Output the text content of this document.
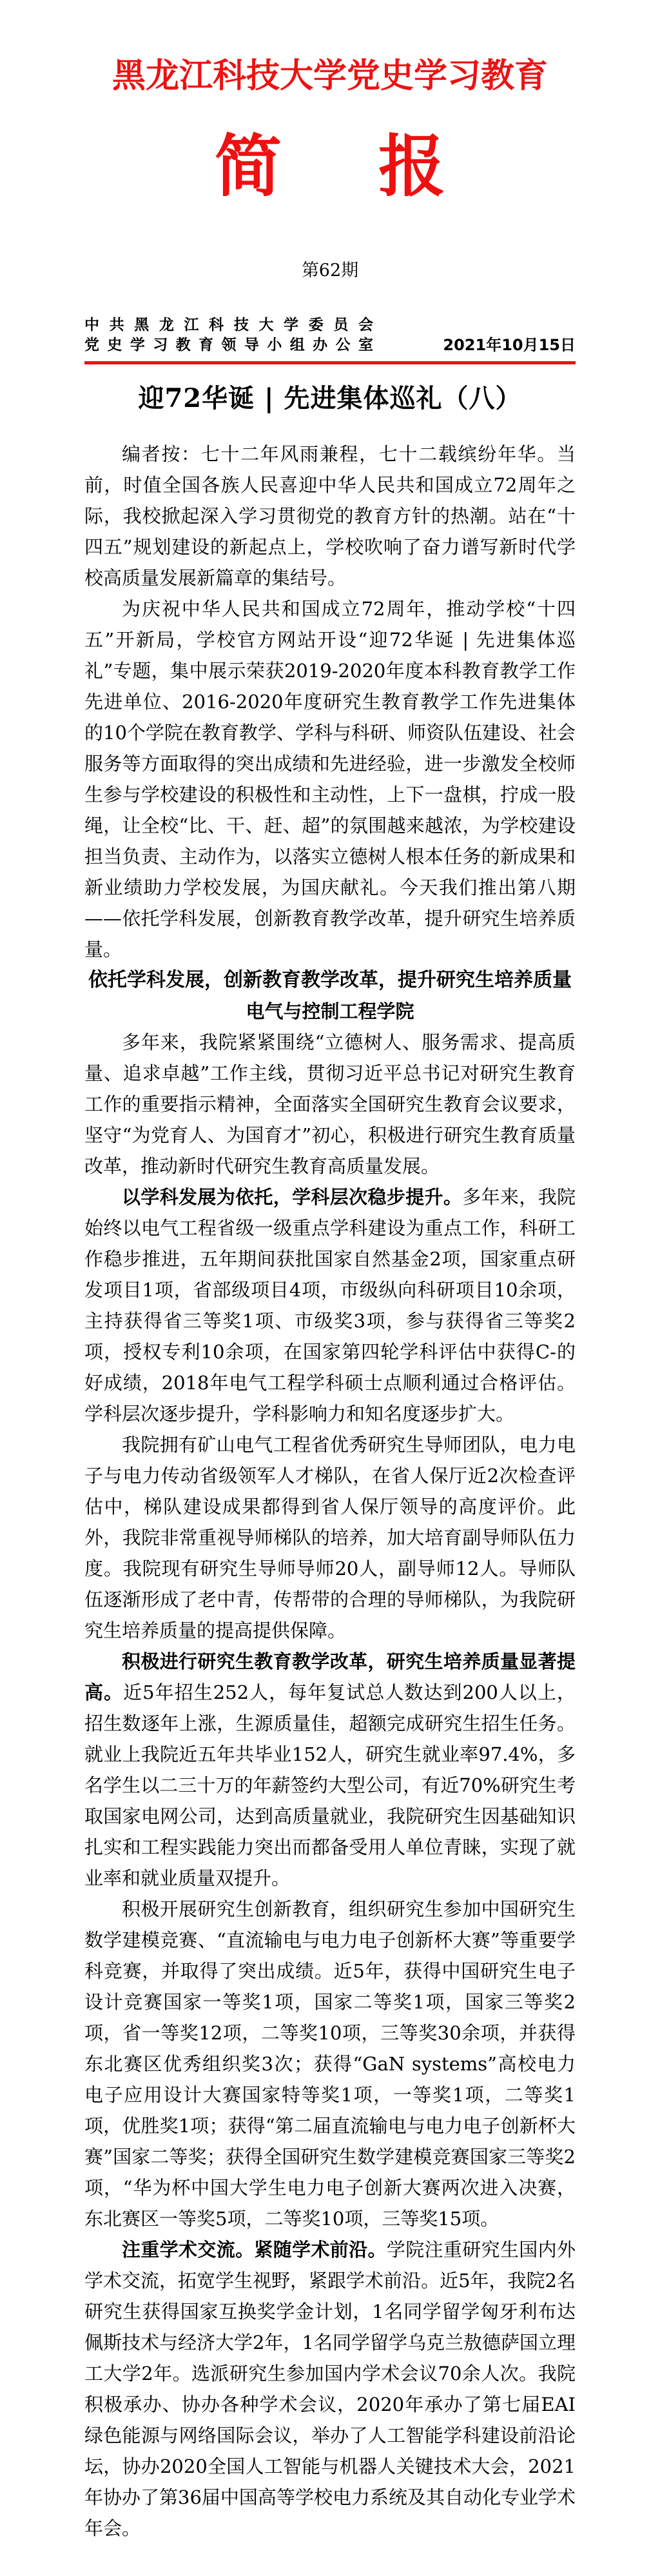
黑龙江科技大学党史学习教育
简 报
第62期
中共黑龙江科技大学委员会
党史学习教育领导小组办公室	2021年10月15日
迎72华诞 | 先进集体巡礼（八）

编者按：七十二年风雨兼程，七十二载缤纷年华。当前，时值全国各族人民喜迎中华人民共和国成立72周年之际，我校掀起深入学习贯彻党的教育方针的热潮。站在“十四五”规划建设的新起点上，学校吹响了奋力谱写新时代学校高质量发展新篇章的集结号。

为庆祝中华人民共和国成立72周年，推动学校“十四五”开新局，学校官方网站开设“迎72华诞 | 先进集体巡礼”专题，集中展示荣获2019-2020年度本科教育教学工作先进单位、2016-2020年度研究生教育教学工作先进集体的10个学院在教育教学、学科与科研、师资队伍建设、社会服务等方面取得的突出成绩和先进经验，进一步激发全校师生参与学校建设的积极性和主动性，上下一盘棋，拧成一股绳，让全校“比、干、赶、超”的氛围越来越浓，为学校建设担当负责、主动作为，以落实立德树人根本任务的新成果和新业绩助力学校发展，为国庆献礼。今天我们推出第八期——依托学科发展，创新教育教学改革，提升研究生培养质量。

依托学科发展，创新教育教学改革，提升研究生培养质量
电气与控制工程学院

多年来，我院紧紧围绕“立德树人、服务需求、提高质量、追求卓越”工作主线，贯彻习近平总书记对研究生教育工作的重要指示精神，全面落实全国研究生教育会议要求，坚守“为党育人、为国育才”初心，积极进行研究生教育质量改革，推动新时代研究生教育高质量发展。

以学科发展为依托，学科层次稳步提升。多年来，我院始终以电气工程省级一级重点学科建设为重点工作，科研工作稳步推进，五年期间获批国家自然基金2项，国家重点研发项目1项，省部级项目4项，市级纵向科研项目10余项，主持获得省三等奖1项、市级奖3项，参与获得省三等奖2项，授权专利10余项，在国家第四轮学科评估中获得C-的好成绩，2018年电气工程学科硕士点顺利通过合格评估。学科层次逐步提升，学科影响力和知名度逐步扩大。

我院拥有矿山电气工程省优秀研究生导师团队，电力电子与电力传动省级领军人才梯队，在省人保厅近2次检查评估中，梯队建设成果都得到省人保厅领导的高度评价。此外，我院非常重视导师梯队的培养，加大培育副导师队伍力度。我院现有研究生导师导师20人，副导师12人。导师队伍逐渐形成了老中青，传帮带的合理的导师梯队，为我院研究生培养质量的提高提供保障。

积极进行研究生教育教学改革，研究生培养质量显著提高。近5年招生252人，每年复试总人数达到200人以上，招生数逐年上涨，生源质量佳，超额完成研究生招生任务。就业上我院近五年共毕业152人，研究生就业率97.4%，多名学生以二三十万的年薪签约大型公司，有近70%研究生考取国家电网公司，达到高质量就业，我院研究生因基础知识扎实和工程实践能力突出而都备受用人单位青睐，实现了就业率和就业质量双提升。

积极开展研究生创新教育，组织研究生参加中国研究生数学建模竞赛、“直流输电与电力电子创新杯大赛”等重要学科竞赛，并取得了突出成绩。近5年，获得中国研究生电子设计竞赛国家一等奖1项，国家二等奖1项，国家三等奖2项，省一等奖12项，二等奖10项，三等奖30余项，并获得东北赛区优秀组织奖3次；获得“GaN systems”高校电力电子应用设计大赛国家特等奖1项，一等奖1项，二等奖1项，优胜奖1项；获得“第二届直流输电与电力电子创新杯大赛”国家二等奖；获得全国研究生数学建模竞赛国家三等奖2项，“华为杯中国大学生电力电子创新大赛两次进入决赛，东北赛区一等奖5项，二等奖10项，三等奖15项。

注重学术交流。紧随学术前沿。学院注重研究生国内外学术交流，拓宽学生视野，紧跟学术前沿。近5年，我院2名研究生获得国家互换奖学金计划，1名同学留学匈牙利布达佩斯技术与经济大学2年，1名同学留学乌克兰敖德萨国立理工大学2年。选派研究生参加国内学术会议70余人次。我院积极承办、协办各种学术会议，2020年承办了第七届EAI绿色能源与网络国际会议，举办了人工智能学科建设前沿论坛，协办2020全国人工智能与机器人关键技术大会，2021年协办了第36届中国高等学校电力系统及其自动化专业学术年会。
